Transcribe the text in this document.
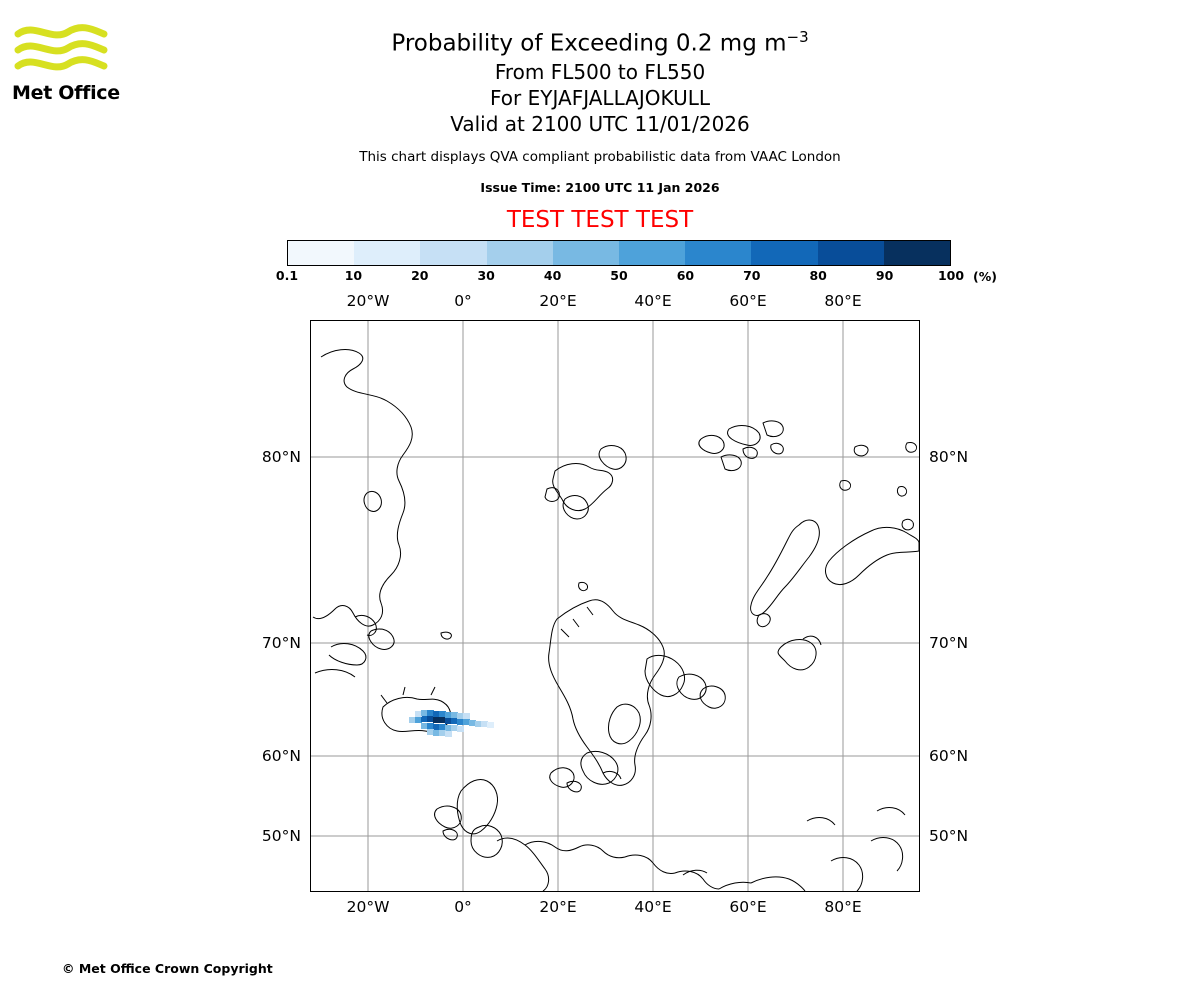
Met Office
Probability of Exceeding 0.2 mg $m^{-3}$
From FL500 to FL550
For EYJAFJALLAJOKULL
Valid at 2100 UTC 11/01/2026
This chart displays QVA compliant probabilistic data from VAAC London
Issue Time: 2100 UTC 11 Jan 2026
TEST TEST TEST
0.1	10	20	30	40	50	60	70	80	90	100 (%)
© Met Office Crown Copyright
20°W	0°	20°E	40°E	60°E	80°E
20°W	0°	20°E	40°E	60°E	80°E
80°N
70°N
60°N
50°N
80°N
70°N
60°N
50°N
